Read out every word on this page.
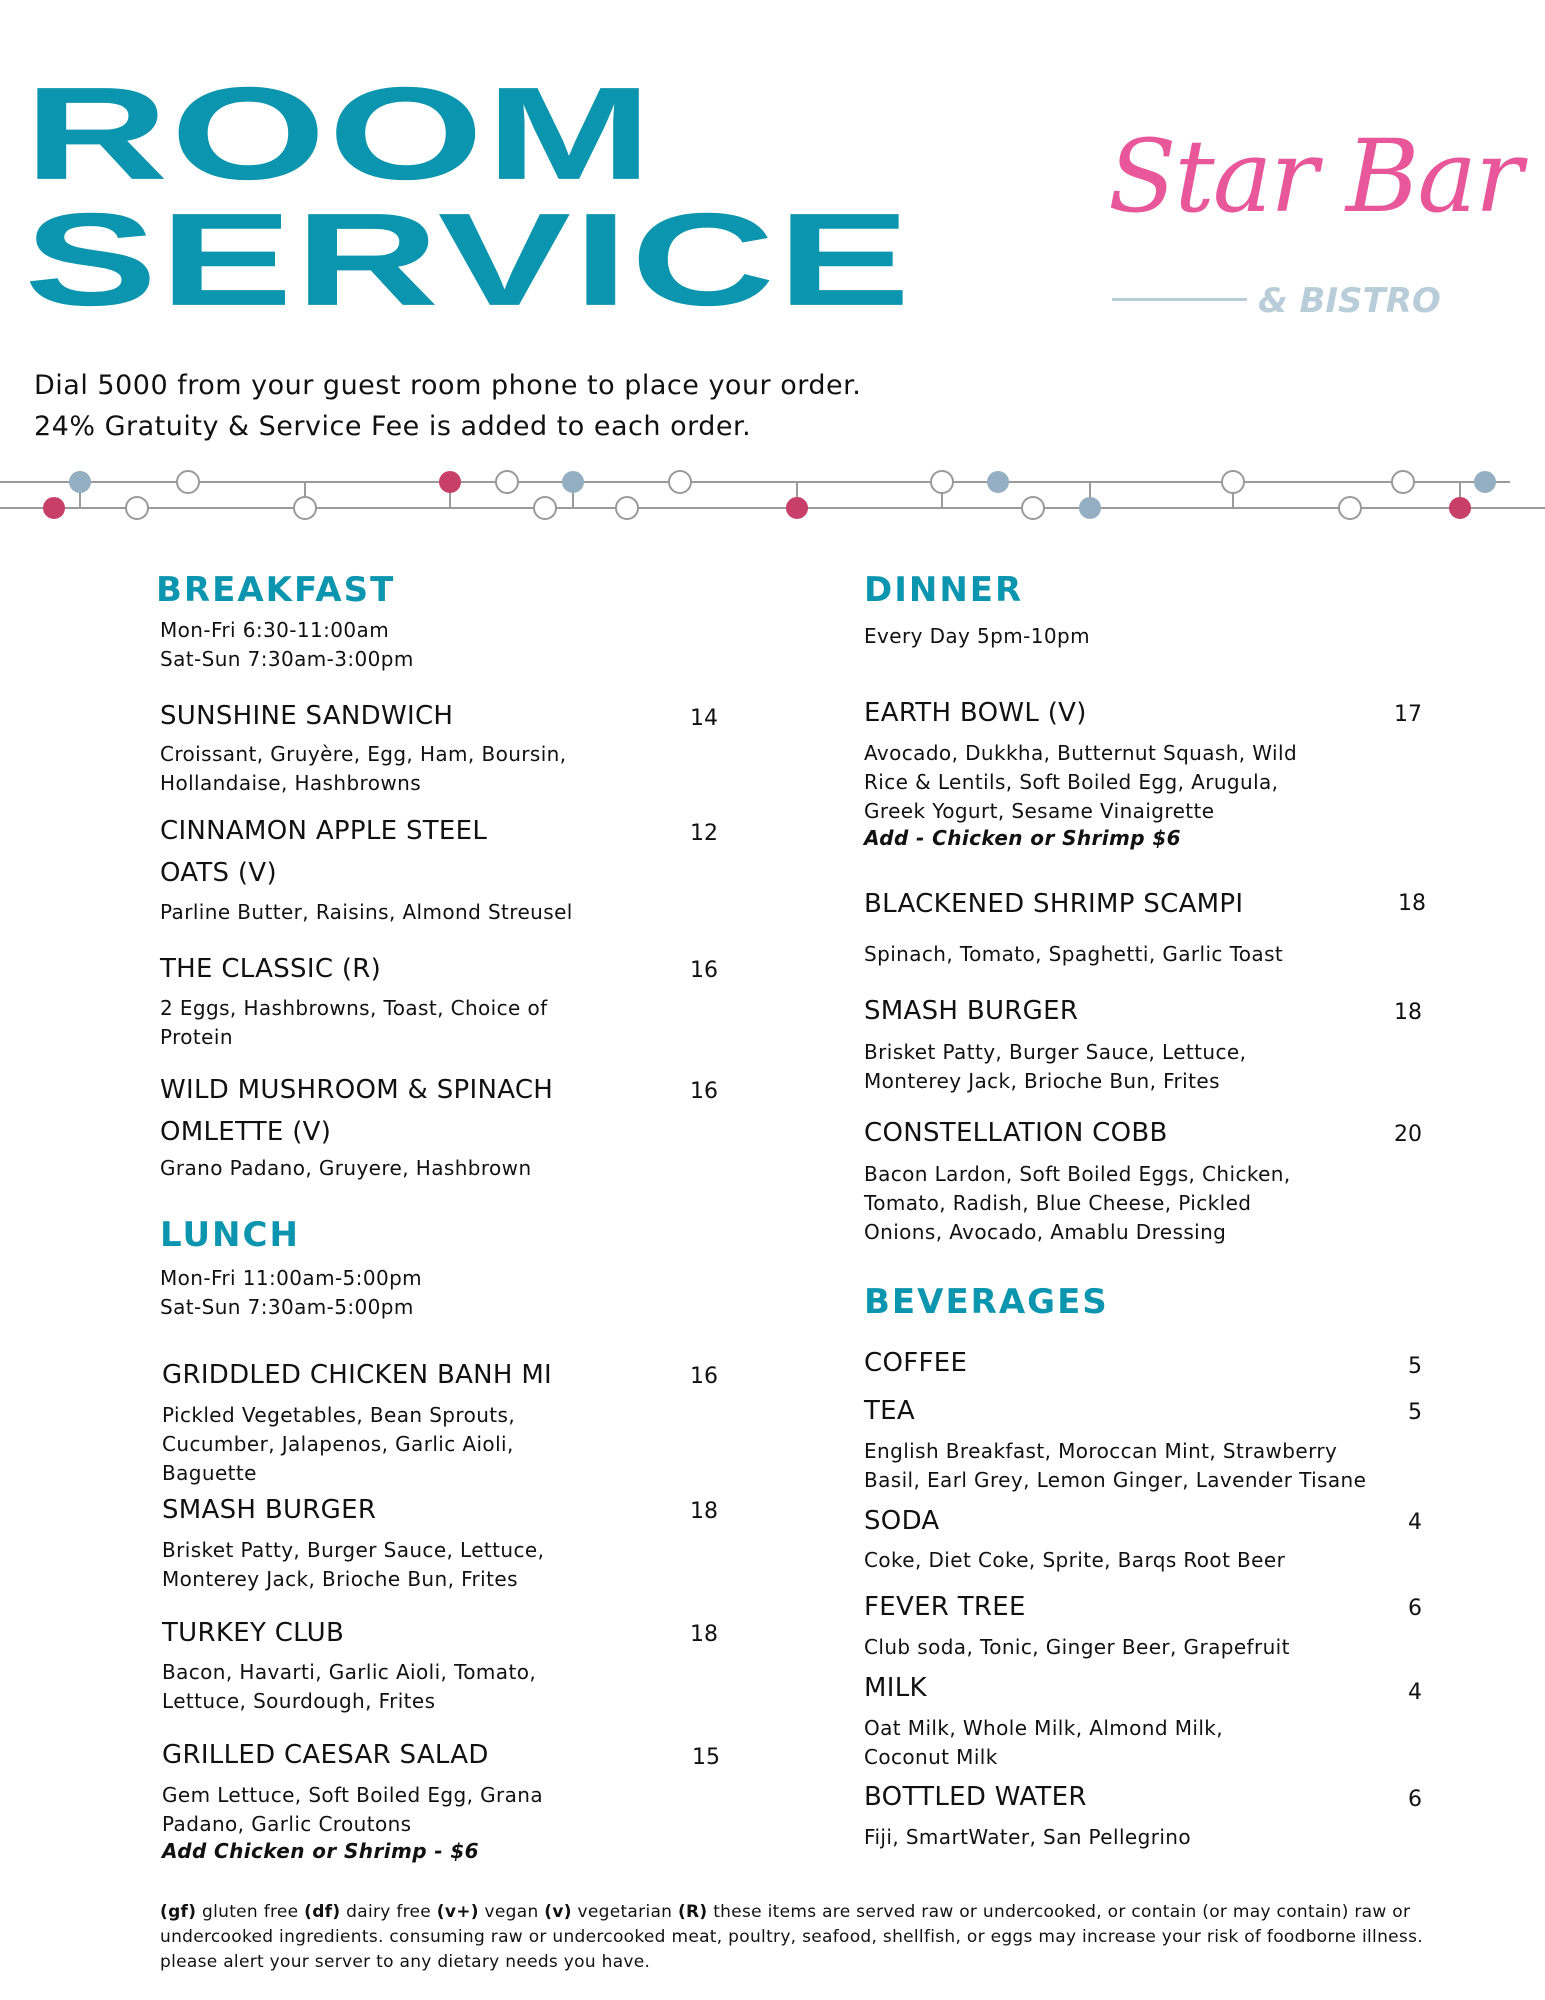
ROOM
SERVICE
Star Bar
& BISTRO
Dial 5000 from your guest room phone to place your order.
24% Gratuity & Service Fee is added to each order.
BREAKFAST
Mon-Fri 6:30-11:00am
Sat-Sun 7:30am-3:00pm
SUNSHINE SANDWICH	14
Croissant, Gruyère, Egg, Ham, Boursin,
Hollandaise, Hashbrowns
CINNAMON APPLE STEEL
OATS (V)
12
Parline Butter, Raisins, Almond Streusel
THE CLASSIC (R)	16
2 Eggs, Hashbrowns, Toast, Choice of
Protein
WILD MUSHROOM & SPINACH
OMLETTE (V)
16
Grano Padano, Gruyere, Hashbrown
LUNCH
Mon-Fri 11:00am-5:00pm
Sat-Sun 7:30am-5:00pm
GRIDDLED CHICKEN BANH MI	16
Pickled Vegetables, Bean Sprouts,
Cucumber, Jalapenos, Garlic Aioli,
Baguette
SMASH BURGER	18
Brisket Patty, Burger Sauce, Lettuce,
Monterey Jack, Brioche Bun, Frites
TURKEY CLUB	18
Bacon, Havarti, Garlic Aioli, Tomato,
Lettuce, Sourdough, Frites
GRILLED CAESAR SALAD	15
Gem Lettuce, Soft Boiled Egg, Grana
Padano, Garlic Croutons
Add Chicken or Shrimp - $6
DINNER
Every Day 5pm-10pm
EARTH BOWL (V)	17
Avocado, Dukkha, Butternut Squash, Wild
Rice & Lentils, Soft Boiled Egg, Arugula,
Greek Yogurt, Sesame Vinaigrette
Add - Chicken or Shrimp $6
BLACKENED SHRIMP SCAMPI	18
Spinach, Tomato, Spaghetti, Garlic Toast
SMASH BURGER	18
Brisket Patty, Burger Sauce, Lettuce,
Monterey Jack, Brioche Bun, Frites
CONSTELLATION COBB	20
Bacon Lardon, Soft Boiled Eggs, Chicken,
Tomato, Radish, Blue Cheese, Pickled
Onions, Avocado, Amablu Dressing
BEVERAGES
COFFEE	5
TEA	5
English Breakfast, Moroccan Mint, Strawberry
Basil, Earl Grey, Lemon Ginger, Lavender Tisane
SODA	4
Coke, Diet Coke, Sprite, Barqs Root Beer
FEVER TREE	6
Club soda, Tonic, Ginger Beer, Grapefruit
MILK	4
Oat Milk, Whole Milk, Almond Milk,
Coconut Milk
BOTTLED WATER	6
Fiji, SmartWater, San Pellegrino
(gf) gluten free (df) dairy free (v+) vegan (v) vegetarian (R) these items are served raw or undercooked, or contain (or may contain) raw or undercooked ingredients. consuming raw or undercooked meat, poultry, seafood, shellfish, or eggs may increase your risk of foodborne illness. please alert your server to any dietary needs you have.
